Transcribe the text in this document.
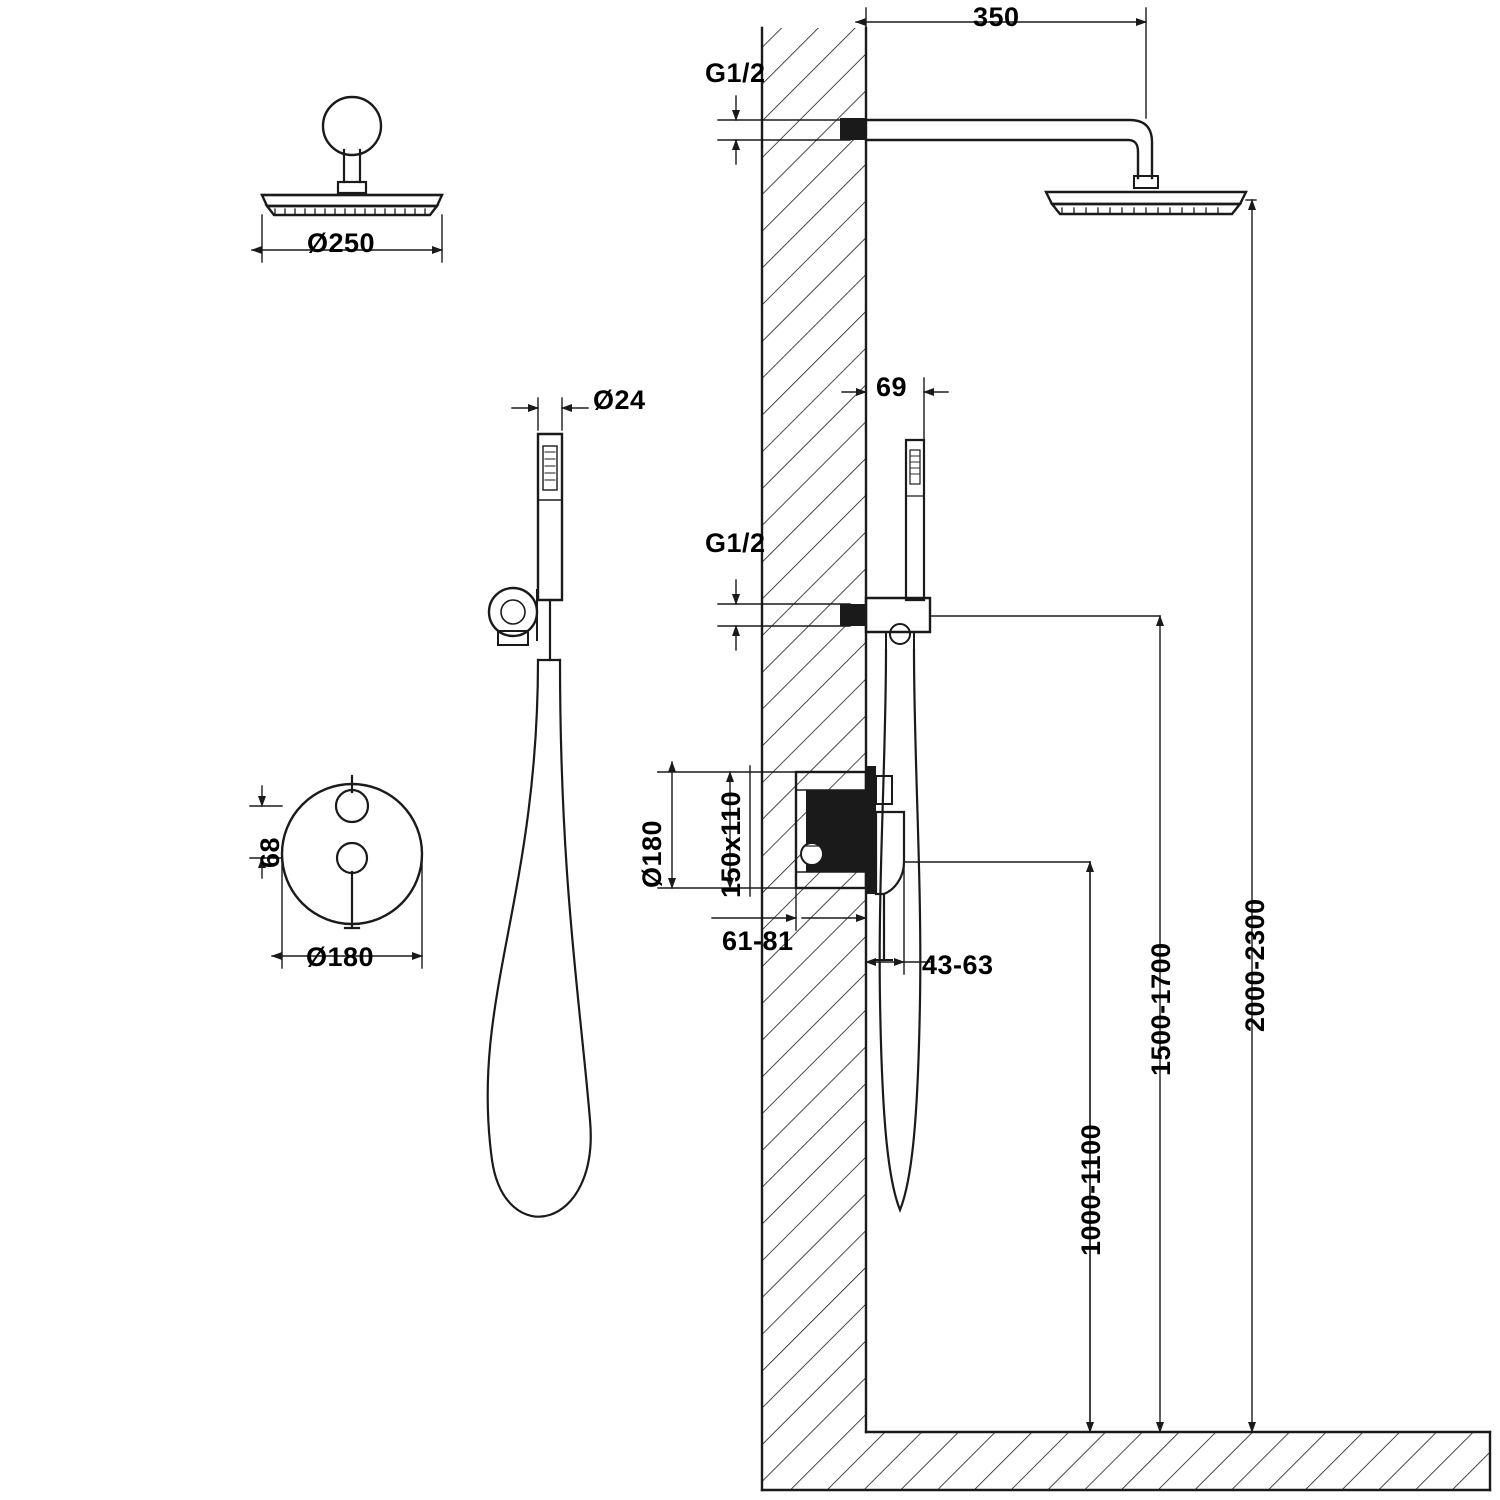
Ø250
Ø24
Ø180
68
350
G1/2
G1/2
69
Ø180 150x110
61-81
43-63
1000-1100
1500-1700 2000-2300
